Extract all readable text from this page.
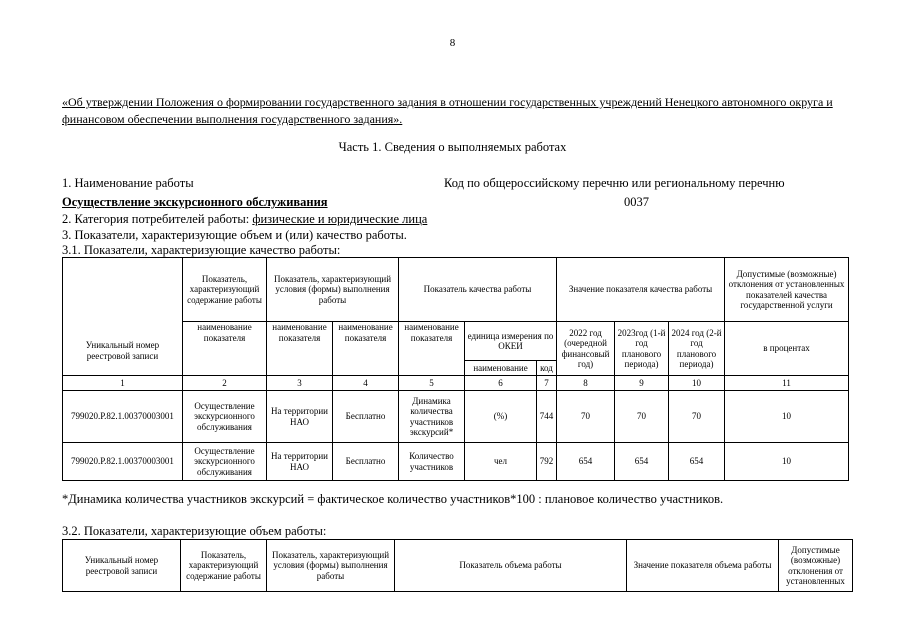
8
«Об утверждении Положения о формировании государственного задания в отношении государственных учреждений Ненецкого автономного округа и финансовом обеспечении выполнения государственного задания».
Часть 1. Сведения о выполняемых работах
1. Наименование работы	Код по общероссийскому перечню или региональному перечню
Осуществление экскурсионного обслуживания	0037
2. Категория потребителей работы: физические и юридические лица
3. Показатели, характеризующие объем и (или) качество работы.
3.1. Показатели, характеризующие качество работы:
Уникальный номер реестровой записи	Показатель, характеризующий содержание работы	Показатель, характеризующий условия (формы) выполнения работы		Показатель качества работы			Значение показателя качества работы			Допустимые (возможные) отклонения от установленных показателей качества государственной услуги
	наименование показателя	наименование показателя	наименование показателя	наименование показателя	единица измерения по ОКЕИ		2022 год (очередной финансовый год)	2023год (1-й год планового периода)	2024 год (2-й год планового периода)	в процентах
					наименование	код				
1	2	3	4	5	6	7	8	9	10	11
799020.Р.82.1.00370003001	Осуществление экскурсионного обслуживания	На территории НАО	Бесплатно	Динамика количества участников экскурсий*	(%)	744	70	70	70	10
799020.Р.82.1.00370003001	Осуществление экскурсионного обслуживания	На территории НАО	Бесплатно	Количество участников	чел	792	654	654	654	10
*Динамика количества участников экскурсий = фактическое количество участников*100 : плановое количество участников.
3.2. Показатели, характеризующие объем работы:
Уникальный номер реестровой записи	Показатель, характеризующий содержание работы	Показатель, характеризующий условия (формы) выполнения работы	Показатель объема работы	Значение показателя объема работы	Допустимые (возможные) отклонения от установленных
